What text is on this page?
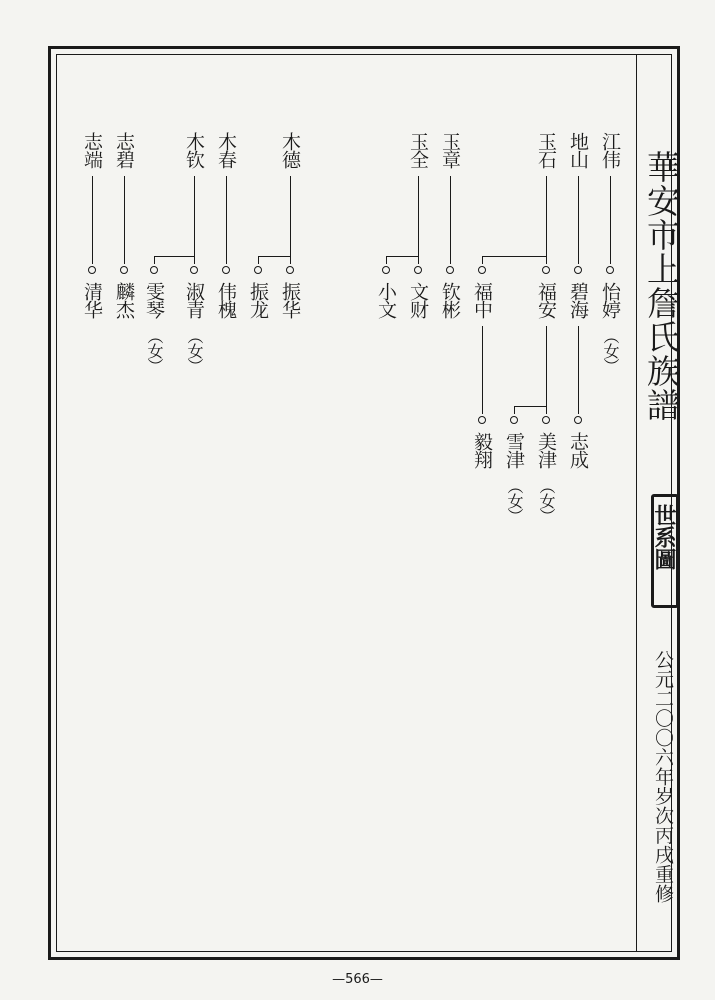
華安市上詹氏族譜
世系圖
公元二〇〇六年岁次丙戌重修
江伟
怡婷
（女）
地山
碧海
志成
玉石
福安
福中
美津
（女）
雪津
（女）
毅翔
玉章
钦彬
玉全
文财
小文
木德
振华
振龙
木春
伟槐
木钦
淑青
（女）
雯琴
（女）
志碧
麟杰
志端
清华
—566—
